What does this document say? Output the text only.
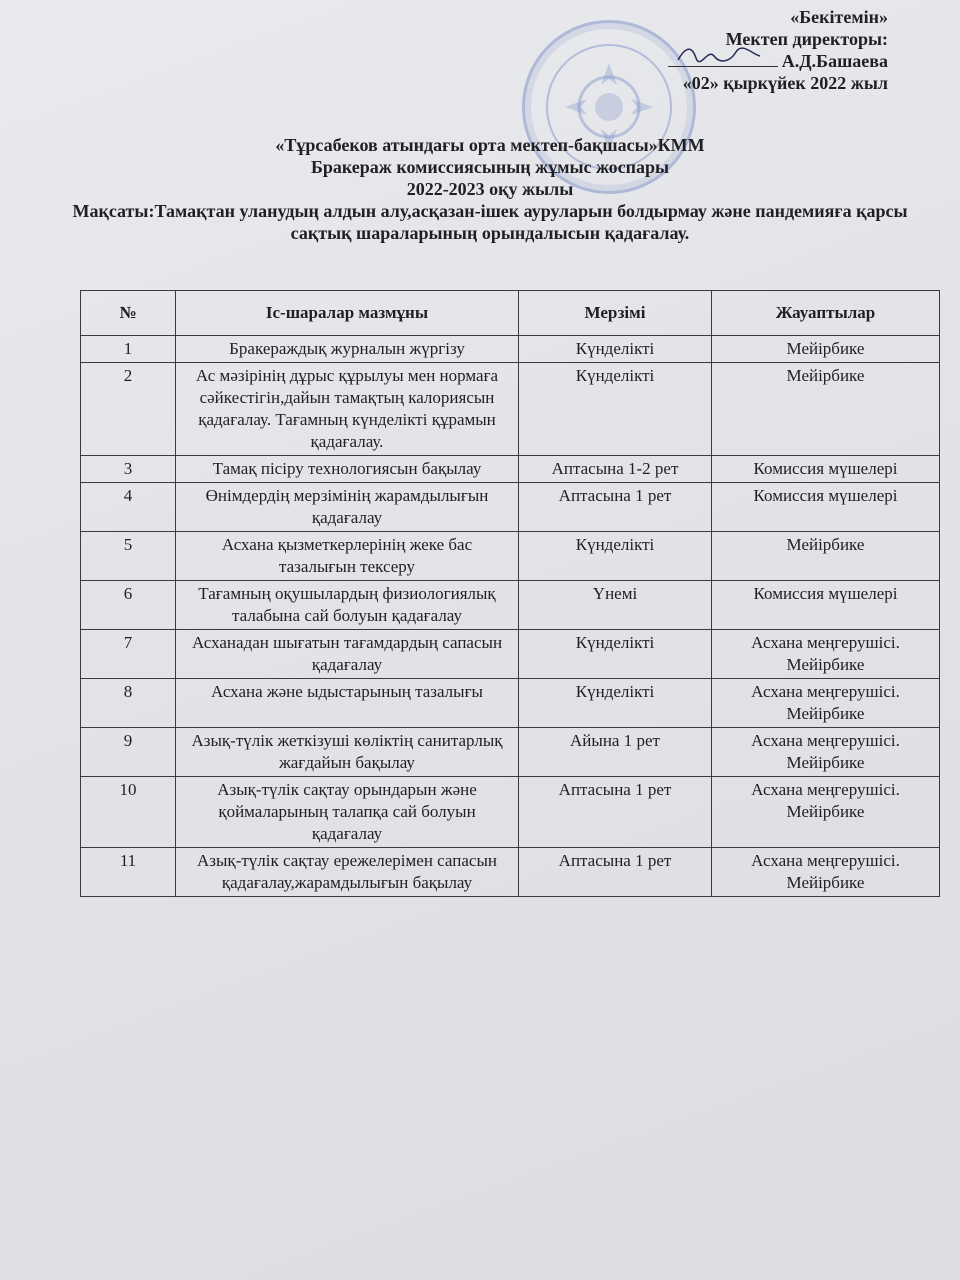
«Бекітемін»
Мектеп директоры:
А.Д.Башаева
«02» қыркүйек 2022 жыл
«Тұрсабеков атындағы орта мектеп-бақшасы»КММ
Бракераж комиссиясының жұмыс жоспары
2022-2023 оқу жылы
Мақсаты:Тамақтан уланудың алдын алу,асқазан-ішек ауруларын болдырмау және пандемияға қарсы сақтық шараларының орындалысын қадағалау.
№	Іс-шаралар мазмұны	Мерзімі	Жауаптылар
1	Бракераждық журналын жүргізу	Күнделікті	Мейірбике
2	Ас мәзірінің дұрыс құрылуы мен нормаға сәйкестігін,дайын тамақтың калориясын қадағалау. Тағамның күнделікті құрамын қадағалау.	Күнделікті	Мейірбике
3	Тамақ пісіру технологиясын бақылау	Аптасына 1-2 рет	Комиссия мүшелері
4	Өнімдердің мерзімінің жарамдылығын қадағалау	Аптасына 1 рет	Комиссия мүшелері
5	Асхана қызметкерлерінің жеке бас тазалығын тексеру	Күнделікті	Мейірбике
6	Тағамның оқушылардың физиологиялық талабына сай болуын қадағалау	Үнемі	Комиссия мүшелері
7	Асханадан шығатын тағамдардың сапасын қадағалау	Күнделікті	Асхана меңгерушісі. Мейірбике
8	Асхана және ыдыстарының тазалығы	Күнделікті	Асхана меңгерушісі. Мейірбике
9	Азық-түлік жеткізуші көліктің санитарлық жағдайын бақылау	Айына 1 рет	Асхана меңгерушісі. Мейірбике
10	Азық-түлік сақтау орындарын және қоймаларының талапқа сай болуын қадағалау	Аптасына 1 рет	Асхана меңгерушісі. Мейірбике
11	Азық-түлік сақтау ережелерімен сапасын қадағалау,жарамдылығын бақылау	Аптасына 1 рет	Асхана меңгерушісі. Мейірбике
